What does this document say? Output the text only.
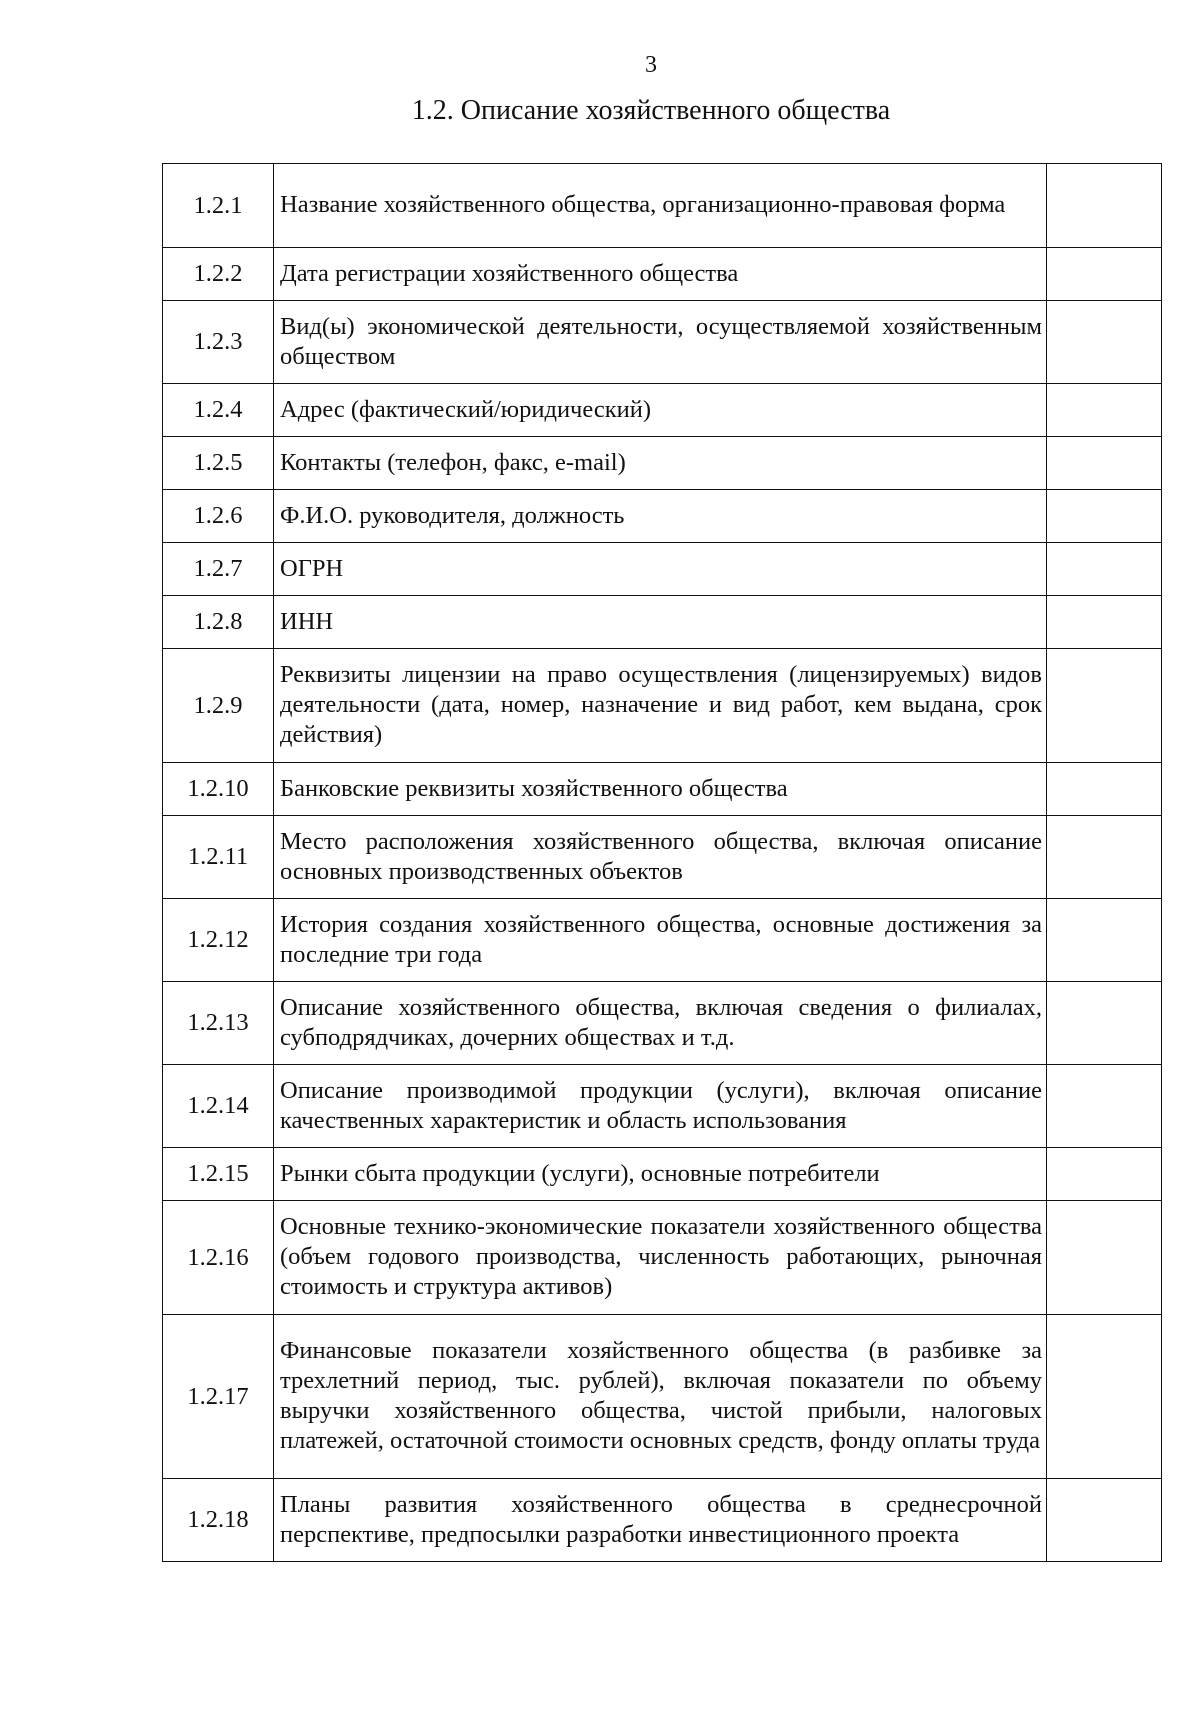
3
1.2. Описание хозяйственного общества
1.2.1	Название хозяйственного общества, организационно-правовая форма	
1.2.2	Дата регистрации хозяйственного общества	
1.2.3	Вид(ы) экономической деятельности, осуществляемой хозяйственным обществом	
1.2.4	Адрес (фактический/юридический)	
1.2.5	Контакты (телефон, факс, e-mail)	
1.2.6	Ф.И.О. руководителя, должность	
1.2.7	ОГРН	
1.2.8	ИНН	
1.2.9	Реквизиты лицензии на право осуществления (лицензируемых) видов деятельности (дата, номер, назначение и вид работ, кем выдана, срок действия)	
1.2.10	Банковские реквизиты хозяйственного общества	
1.2.11	Место расположения хозяйственного общества, включая описание основных производственных объектов	
1.2.12	История создания хозяйственного общества, основные достижения за последние три года	
1.2.13	Описание хозяйственного общества, включая сведения о филиалах, субподрядчиках, дочерних обществах и т.д.	
1.2.14	Описание производимой продукции (услуги), включая описание качественных характеристик и область использования	
1.2.15	Рынки сбыта продукции (услуги), основные потребители	
1.2.16	Основные технико-экономические показатели хозяйственного общества (объем годового производства, численность работающих, рыночная стоимость и структура активов)	
1.2.17	Финансовые показатели хозяйственного общества (в разбивке за трехлетний период, тыс. рублей), включая показатели по объему выручки хозяйственного общества, чистой прибыли, налоговых платежей, остаточной стоимости основных средств, фонду оплаты труда	
1.2.18	Планы развития хозяйственного общества в среднесрочной перспективе, предпосылки разработки инвестиционного проекта	
